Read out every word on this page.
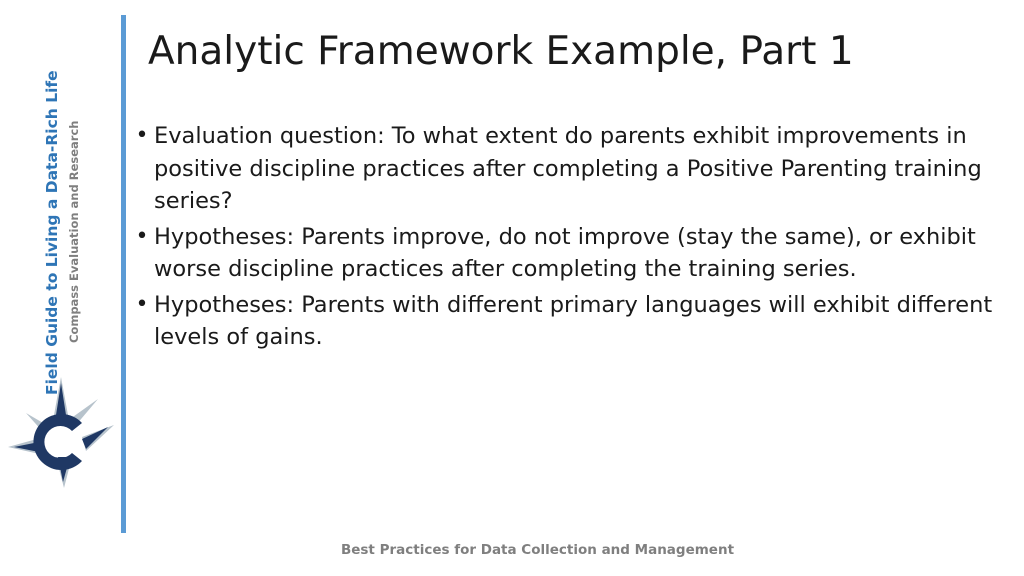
Field Guide to Living a Data-Rich Life Compass Evaluation and Research
Analytic Framework Example, Part 1
• Evaluation question: To what extent do parents exhibit improvements in positive discipline practices after completing a Positive Parenting training series?
• Hypotheses: Parents improve, do not improve (stay the same), or exhibit worse discipline practices after completing the training series.
• Hypotheses: Parents with different primary languages will exhibit different levels of gains.
Best Practices for Data Collection and Management
